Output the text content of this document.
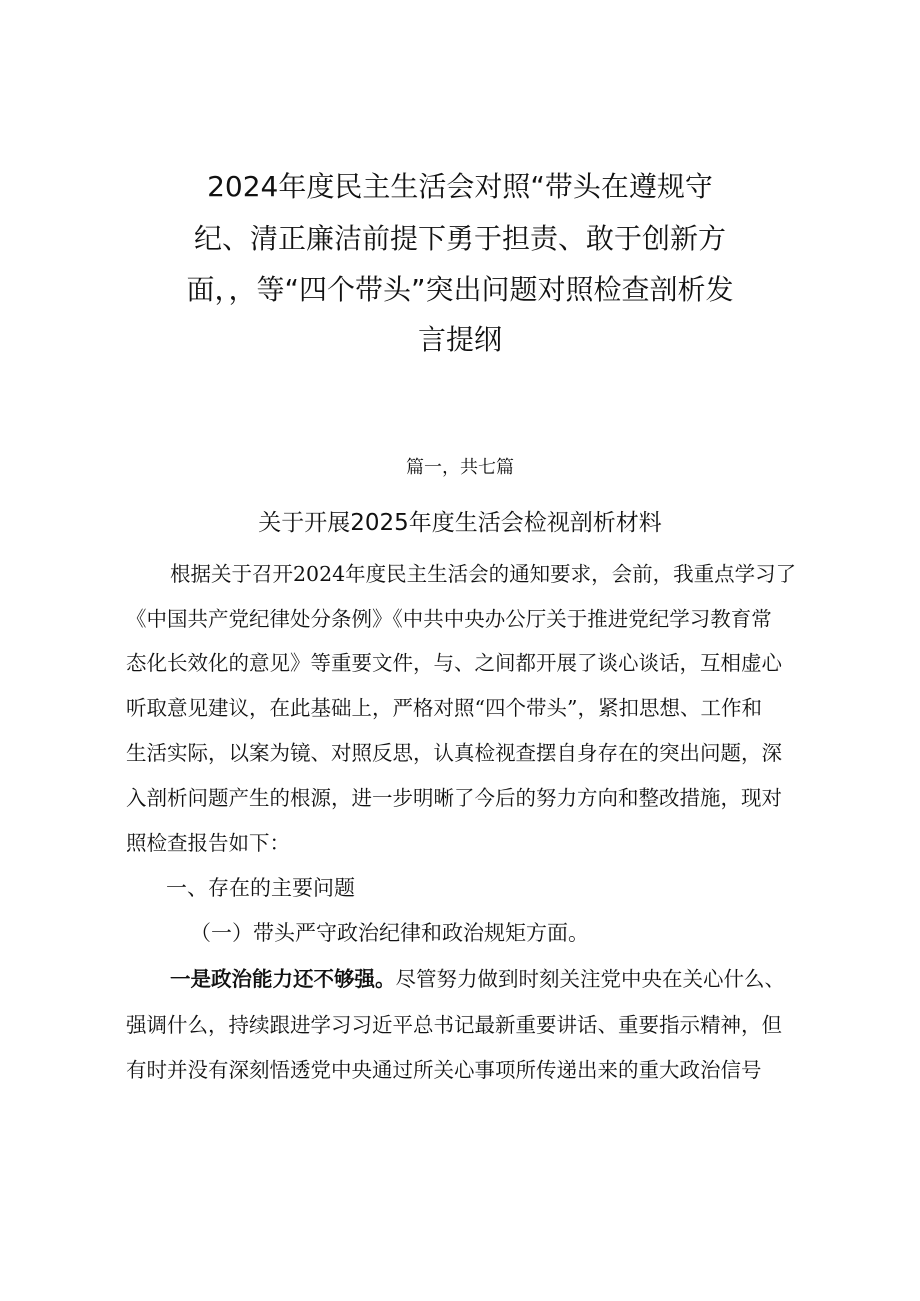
2024年度民主生活会对照“带头在遵规守
纪、清正廉洁前提下勇于担责、敢于创新方
面，，等“四个带头”突出问题对照检查剖析发
言提纲
篇一，共七篇
关于开展2025年度生活会检视剖析材料
根据关于召开2024年度民主生活会的通知要求，会前，我重点学习了
《中国共产党纪律处分条例》《中共中央办公厅关于推进党纪学习教育常
态化长效化的意见》等重要文件，与、之间都开展了谈心谈话，互相虚心
听取意见建议，在此基础上，严格对照“四个带头”，紧扣思想、工作和
生活实际，以案为镜、对照反思，认真检视查摆自身存在的突出问题，深
入剖析问题产生的根源，进一步明晰了今后的努力方向和整改措施，现对
照检查报告如下：
一、存在的主要问题
（一）带头严守政治纪律和政治规矩方面。
一是政治能力还不够强。尽管努力做到时刻关注党中央在关心什么、
强调什么，持续跟进学习习近平总书记最新重要讲话、重要指示精神，但
有时并没有深刻悟透党中央通过所关心事项所传递出来的重大政治信号
